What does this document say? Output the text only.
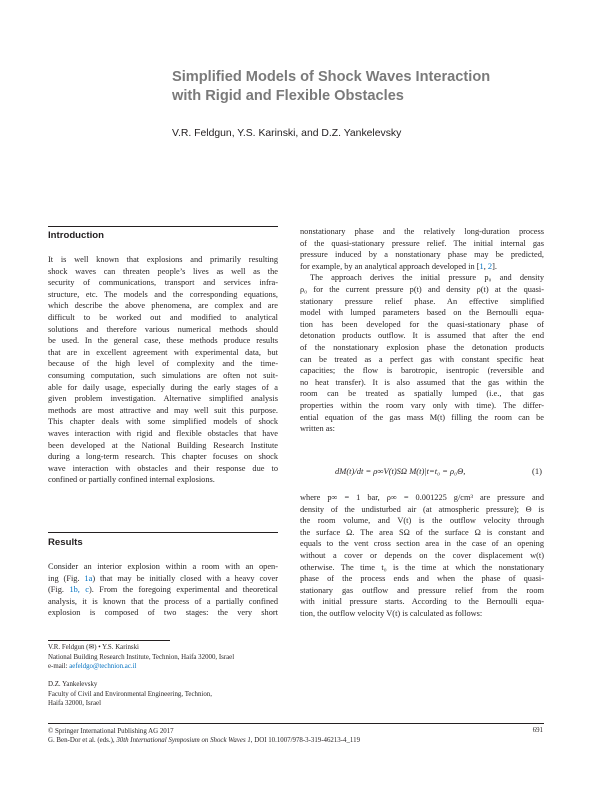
Simplified Models of Shock Waves Interaction
with Rigid and Flexible Obstacles
V.R. Feldgun, Y.S. Karinski, and D.Z. Yankelevsky
Introduction

It is well known that explosions and primarily resulting

shock waves can threaten people’s lives as well as the

security of communications, transport and services infra-

structure, etc. The models and the corresponding equations,

which describe the above phenomena, are complex and are

difficult to be worked out and modified to analytical

solutions and therefore various numerical methods should

be used. In the general case, these methods produce results

that are in excellent agreement with experimental data, but

because of the high level of complexity and the time-

consuming computation, such simulations are often not suit-

able for daily usage, especially during the early stages of a

given problem investigation. Alternative simplified analysis

methods are most attractive and may well suit this purpose.

This chapter deals with some simplified models of shock

waves interaction with rigid and flexible obstacles that have

been developed at the National Building Research Institute

during a long-term research. This chapter focuses on shock

wave interaction with obstacles and their response due to

confined or partially confined internal explosions.

Results

Consider an interior explosion within a room with an open-

ing (Fig. 1a) that may be initially closed with a heavy cover

(Fig. 1b, c). From the foregoing experimental and theoretical

analysis, it is known that the process of a partially confined

explosion is composed of two stages: the very short

nonstationary phase and the relatively long-duration process

of the quasi-stationary pressure relief. The initial internal gas

pressure induced by a nonstationary phase may be predicted,

for example, by an analytical approach developed in [1, 2].

The approach derives the initial pressure p₀ and density

ρ₀ for the current pressure p(t) and density ρ(t) at the quasi-

stationary pressure relief phase. An effective simplified

model with lumped parameters based on the Bernoulli equa-

tion has been developed for the quasi-stationary phase of

detonation products outflow. It is assumed that after the end

of the nonstationary explosion phase the detonation products

can be treated as a perfect gas with constant specific heat

capacities; the flow is barotropic, isentropic (reversible and

no heat transfer). It is also assumed that the gas within the

room can be treated as spatially lumped (i.e., that gas

properties within the room vary only with time). The differ-

ential equation of the gas mass M(t) filling the room can be

written as:

dM(t)/dt = ρ∞V(t)SΩ M(t)|t=t₀ = ρ₀Θ,	(1)

where p∞ = 1 bar, ρ∞ = 0.001225 g/cm³ are pressure and

density of the undisturbed air (at atmospheric pressure); Θ is

the room volume, and V(t) is the outflow velocity through

the surface Ω. The area SΩ of the surface Ω is constant and

equals to the vent cross section area in the case of an opening

without a cover or depends on the cover displacement w(t)

otherwise. The time t₀ is the time at which the nonstationary

phase of the process ends and when the phase of quasi-

stationary gas outflow and pressure relief from the room

with initial pressure starts. According to the Bernoulli equa-

tion, the outflow velocity V(t) is calculated as follows:

V.R. Feldgun (✉) • Y.S. Karinski
National Building Research Institute, Technion, Haifa 32000, Israel
e-mail: aefeldgo@technion.ac.il
D.Z. Yankelevsky
Faculty of Civil and Environmental Engineering, Technion,
Haifa 32000, Israel
© Springer International Publishing AG 2017
G. Ben-Dor et al. (eds.), 30th International Symposium on Shock Waves 1, DOI 10.1007/978-3-319-46213-4_119
691
